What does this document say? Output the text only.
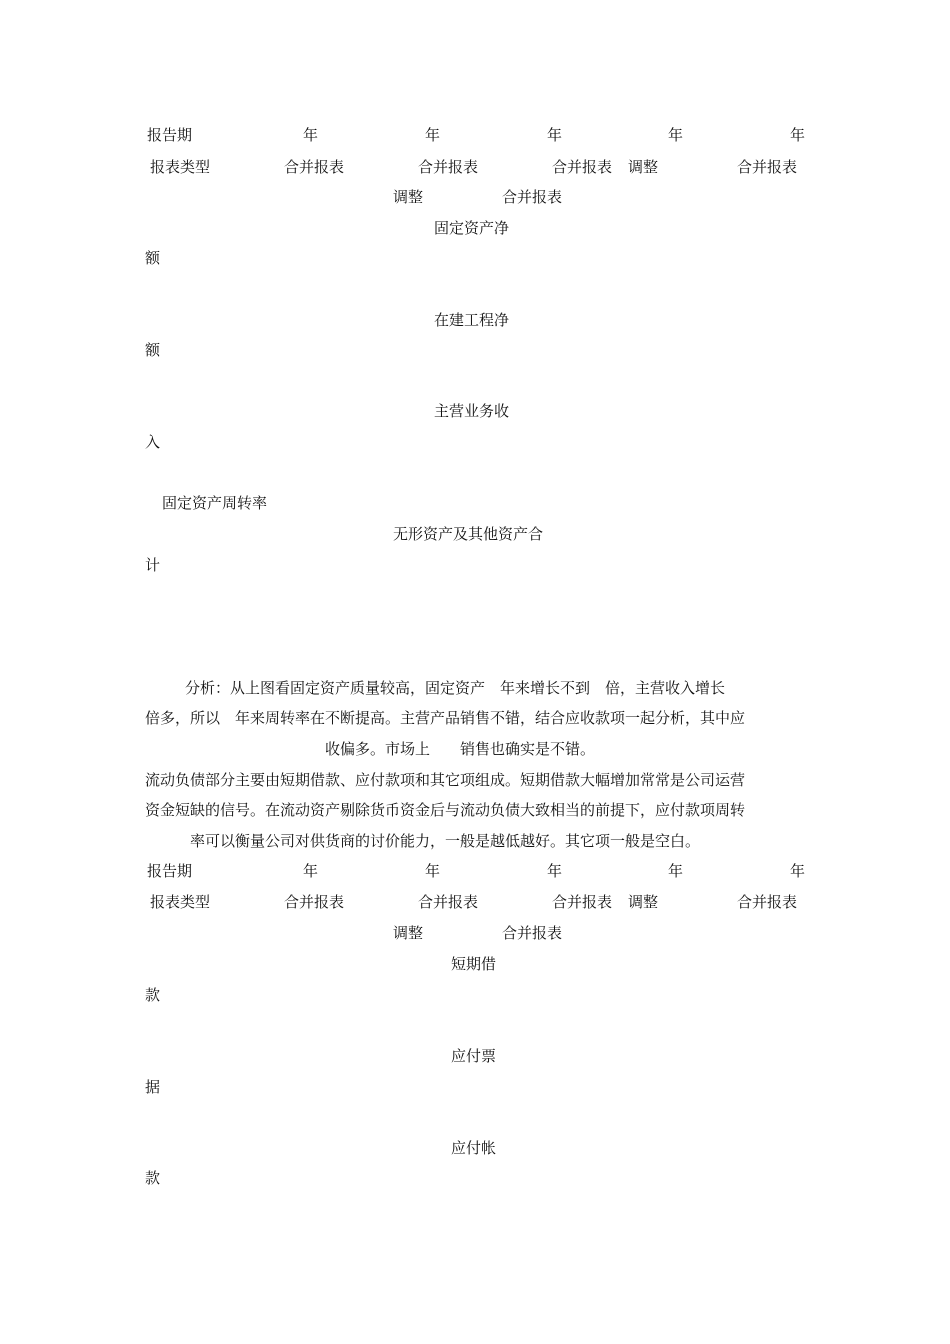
报告期	年	年	年	年	年
报表类型	合并报表	合并报表	合并报表 调整	合并报表
调整	合并报表
固定资产净
额
在建工程净
额
主营业务收
入
固定资产周转率
无形资产及其他资产合
计
分析：从上图看固定资产质量较高，固定资产　年来增长不到　倍，主营收入增长
倍多，所以　年来周转率在不断提高。主营产品销售不错，结合应收款项一起分析，其中应
收偏多。市场上　　销售也确实是不错。
流动负债部分主要由短期借款、应付款项和其它项组成。短期借款大幅增加常常是公司运营
资金短缺的信号。在流动资产剔除货币资金后与流动负债大致相当的前提下，应付款项周转
率可以衡量公司对供货商的讨价能力，一般是越低越好。其它项一般是空白。
报告期	年	年	年	年	年
报表类型	合并报表	合并报表	合并报表 调整	合并报表
调整	合并报表
短期借
款
应付票
据
应付帐
款
